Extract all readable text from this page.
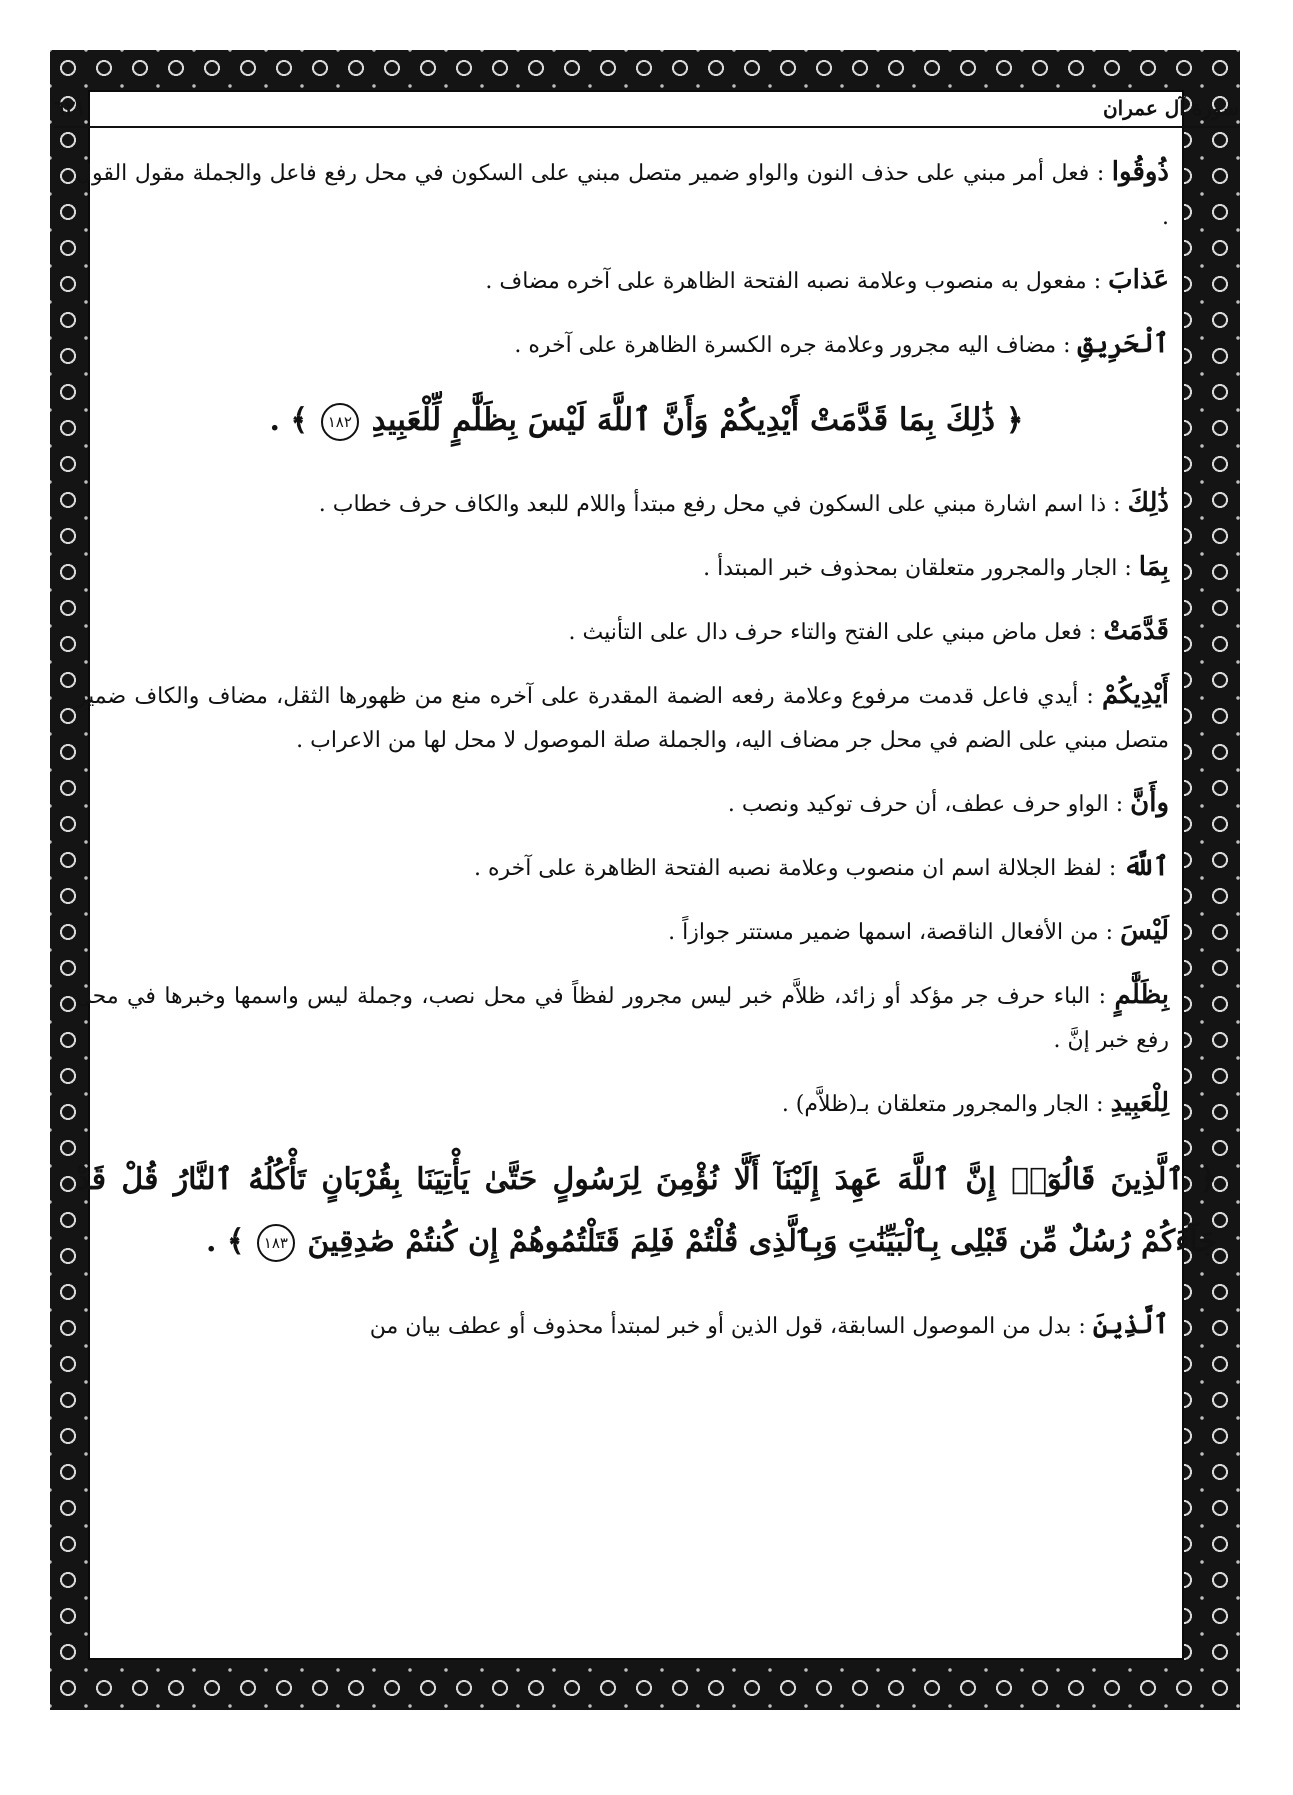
سورة آل عمران
٦٢١

ذُوقُوا : فعل أمر مبني على حذف النون والواو ضمير متصل مبني على السكون في محل رفع فاعل والجملة مقول القول .

عَذابَ : مفعول به منصوب وعلامة نصبه الفتحة الظاهرة على آخره مضاف .

ٱلْحَرِيقِ : مضاف اليه مجرور وعلامة جره الكسرة الظاهرة على آخره .

﴿ ذَٰلِكَ بِمَا قَدَّمَتْ أَيْدِيكُمْ وَأَنَّ ٱللَّهَ لَيْسَ بِظَلَّٰمٍ لِّلْعَبِيدِ ١٨٢ ﴾ .

ذَٰلِكَ : ذا اسم اشارة مبني على السكون في محل رفع مبتدأ واللام للبعد والكاف حرف خطاب .

بِمَا : الجار والمجرور متعلقان بمحذوف خبر المبتدأ .

قَدَّمَتْ : فعل ماض مبني على الفتح والتاء حرف دال على التأنيث .

أَيْدِيكُمْ : أيدي فاعل قدمت مرفوع وعلامة رفعه الضمة المقدرة على آخره منع من ظهورها الثقل، مضاف والكاف ضمير متصل مبني على الضم في محل جر مضاف اليه، والجملة صلة الموصول لا محل لها من الاعراب .

وأَنَّ : الواو حرف عطف، أن حرف توكيد ونصب .

ٱللَّهَ : لفظ الجلالة اسم ان منصوب وعلامة نصبه الفتحة الظاهرة على آخره .

لَيْسَ : من الأفعال الناقصة، اسمها ضمير مستتر جوازاً .

بِظَلَّٰمٍ : الباء حرف جر مؤكد أو زائد، ظلاَّم خبر ليس مجرور لفظاً في محل نصب، وجملة ليس واسمها وخبرها في محل رفع خبر إنَّ .

لِلْعَبِيدِ : الجار والمجرور متعلقان بـ(ظلاَّم) .

﴿ ٱلَّذِينَ قَالُوٓا۟ إِنَّ ٱللَّهَ عَهِدَ إِلَيْنَآ أَلَّا نُؤْمِنَ لِرَسُولٍ حَتَّىٰ يَأْتِيَنَا بِقُرْبَانٍ تَأْكُلُهُ ٱلنَّارُ قُلْ قَدْ جَآءَكُمْ رُسُلٌ مِّن قَبْلِى بِٱلْبَيِّنَٰتِ وَبِٱلَّذِى قُلْتُمْ فَلِمَ قَتَلْتُمُوهُمْ إِن كُنتُمْ صَٰدِقِينَ ١٨٣ ﴾ .

ٱلَّذِينَ : بدل من الموصول السابقة، قول الذين أو خبر لمبتدأ محذوف أو عطف بيان من
